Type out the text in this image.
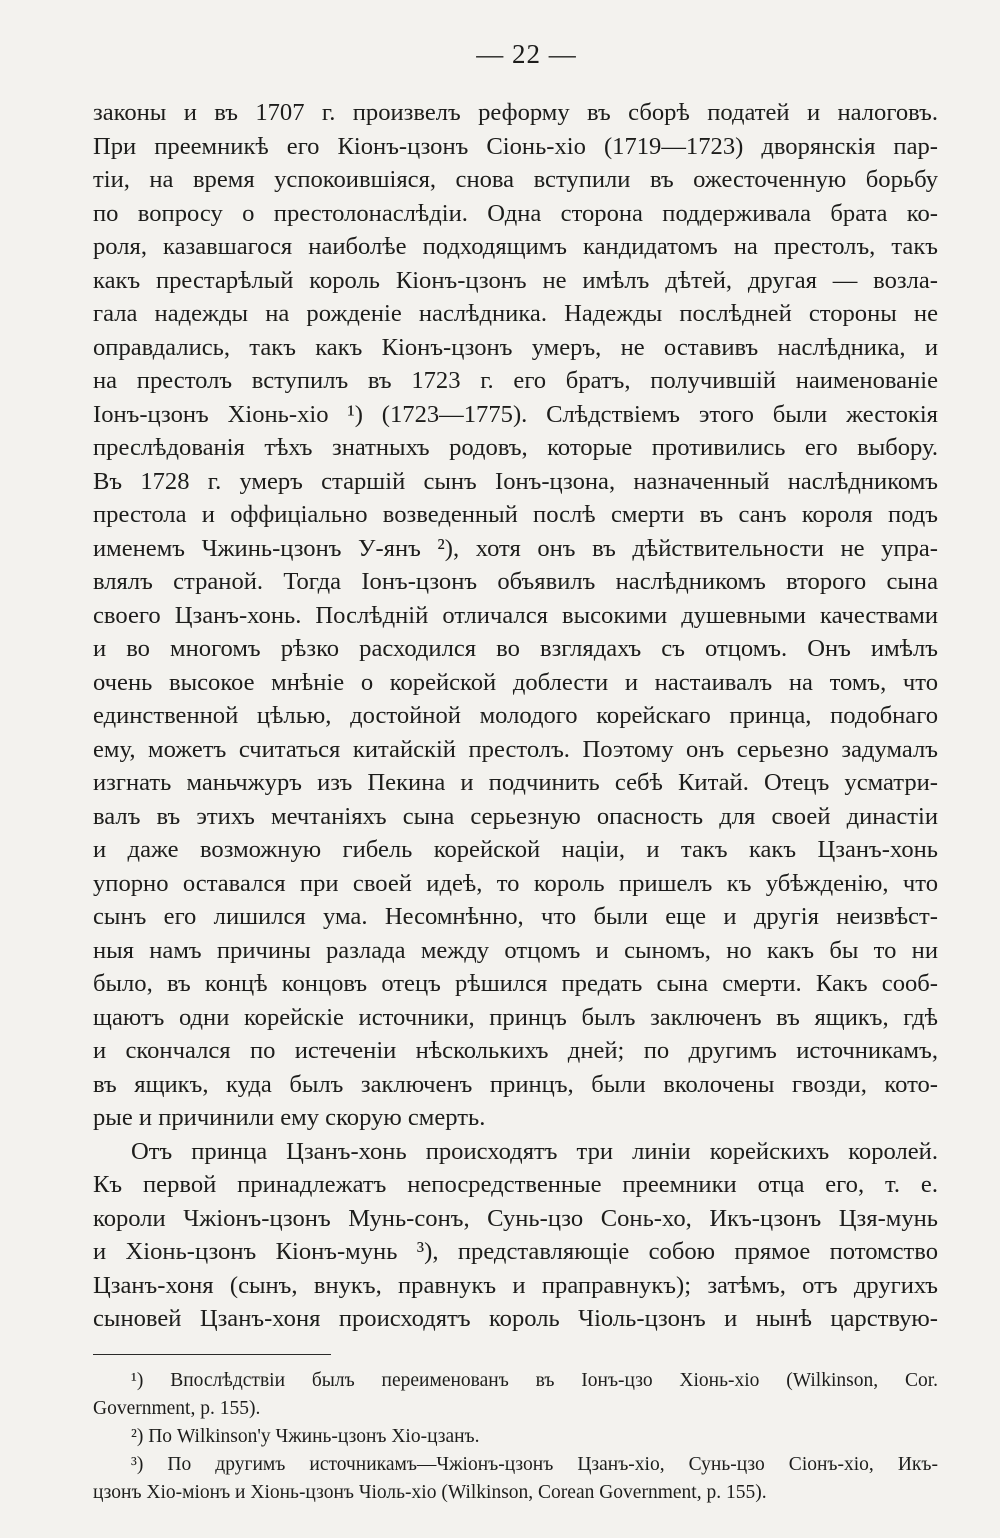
— 22 —
законы и въ 1707 г. произвелъ реформу въ сборѣ податей и налоговъ.
При преемникѣ его Кіонъ-цзонъ Сіонь-хіо (1719—1723) дворянскія пар-
тіи, на время успокоившіяся, снова вступили въ ожесточенную борьбу
по вопросу о престолонаслѣдіи. Одна сторона поддерживала брата ко-
роля, казавшагося наиболѣе подходящимъ кандидатомъ на престолъ, такъ
какъ престарѣлый король Кіонъ-цзонъ не имѣлъ дѣтей, другая — возла-
гала надежды на рожденіе наслѣдника. Надежды послѣдней стороны не
оправдались, такъ какъ Кіонъ-цзонъ умеръ, не оставивъ наслѣдника, и
на престолъ вступилъ въ 1723 г. его братъ, получившій наименованіе
Іонъ-цзонъ Хіонь-хіо ¹) (1723—1775). Слѣдствіемъ этого были жестокія
преслѣдованія тѣхъ знатныхъ родовъ, которые противились его выбору.
Въ 1728 г. умеръ старшій сынъ Іонъ-цзона, назначенный наслѣдникомъ
престола и оффиціально возведенный послѣ смерти въ санъ короля подъ
именемъ Чжинь-цзонъ У-янъ ²), хотя онъ въ дѣйствительности не упра-
влялъ страной. Тогда Іонъ-цзонъ объявилъ наслѣдникомъ второго сына
своего Цзанъ-хонь. Послѣдній отличался высокими душевными качествами
и во многомъ рѣзко расходился во взглядахъ съ отцомъ. Онъ имѣлъ
очень высокое мнѣніе о корейской доблести и настаивалъ на томъ, что
единственной цѣлью, достойной молодого корейскаго принца, подобнаго
ему, можетъ считаться китайскій престолъ. Поэтому онъ серьезно задумалъ
изгнать маньчжуръ изъ Пекина и подчинить себѣ Китай. Отецъ усматри-
валъ въ этихъ мечтаніяхъ сына серьезную опасность для своей династіи
и даже возможную гибель корейской націи, и такъ какъ Цзанъ-хонь
упорно оставался при своей идеѣ, то король пришелъ къ убѣжденію, что
сынъ его лишился ума. Несомнѣнно, что были еще и другія неизвѣст-
ныя намъ причины разлада между отцомъ и сыномъ, но какъ бы то ни
было, въ концѣ концовъ отецъ рѣшился предать сына смерти. Какъ сооб-
щаютъ одни корейскіе источники, принцъ былъ заключенъ въ ящикъ, гдѣ
и скончался по истеченіи нѣсколькихъ дней; по другимъ источникамъ,
въ ящикъ, куда былъ заключенъ принцъ, были вколочены гвозди, кото-
рые и причинили ему скорую смерть.
Отъ принца Цзанъ-хонь происходятъ три линіи корейскихъ королей.
Къ первой принадлежатъ непосредственные преемники отца его, т. е.
короли Чжіонъ-цзонъ Мунь-сонъ, Сунь-цзо Сонь-хо, Икъ-цзонъ Цзя-мунь
и Хіонь-цзонъ Кіонъ-мунь ³), представляющіе собою прямое потомство
Цзанъ-хоня (сынъ, внукъ, правнукъ и праправнукъ); затѣмъ, отъ другихъ
сыновей Цзанъ-хоня происходятъ король Чіоль-цзонъ и нынѣ царствую-
¹) Впослѣдствіи былъ переименованъ въ Іонъ-цзо Хіонь-хіо (Wilkinson, Cor.
Government, p. 155).
²) По Wilkinson'у Чжинь-цзонъ Хіо-цзанъ.
³) По другимъ источникамъ—Чжіонъ-цзонъ Цзанъ-хіо, Сунь-цзо Сіонъ-хіо, Икъ-
цзонъ Хіо-міонъ и Хіонь-цзонъ Чіоль-хіо (Wilkinson, Corean Government, p. 155).
